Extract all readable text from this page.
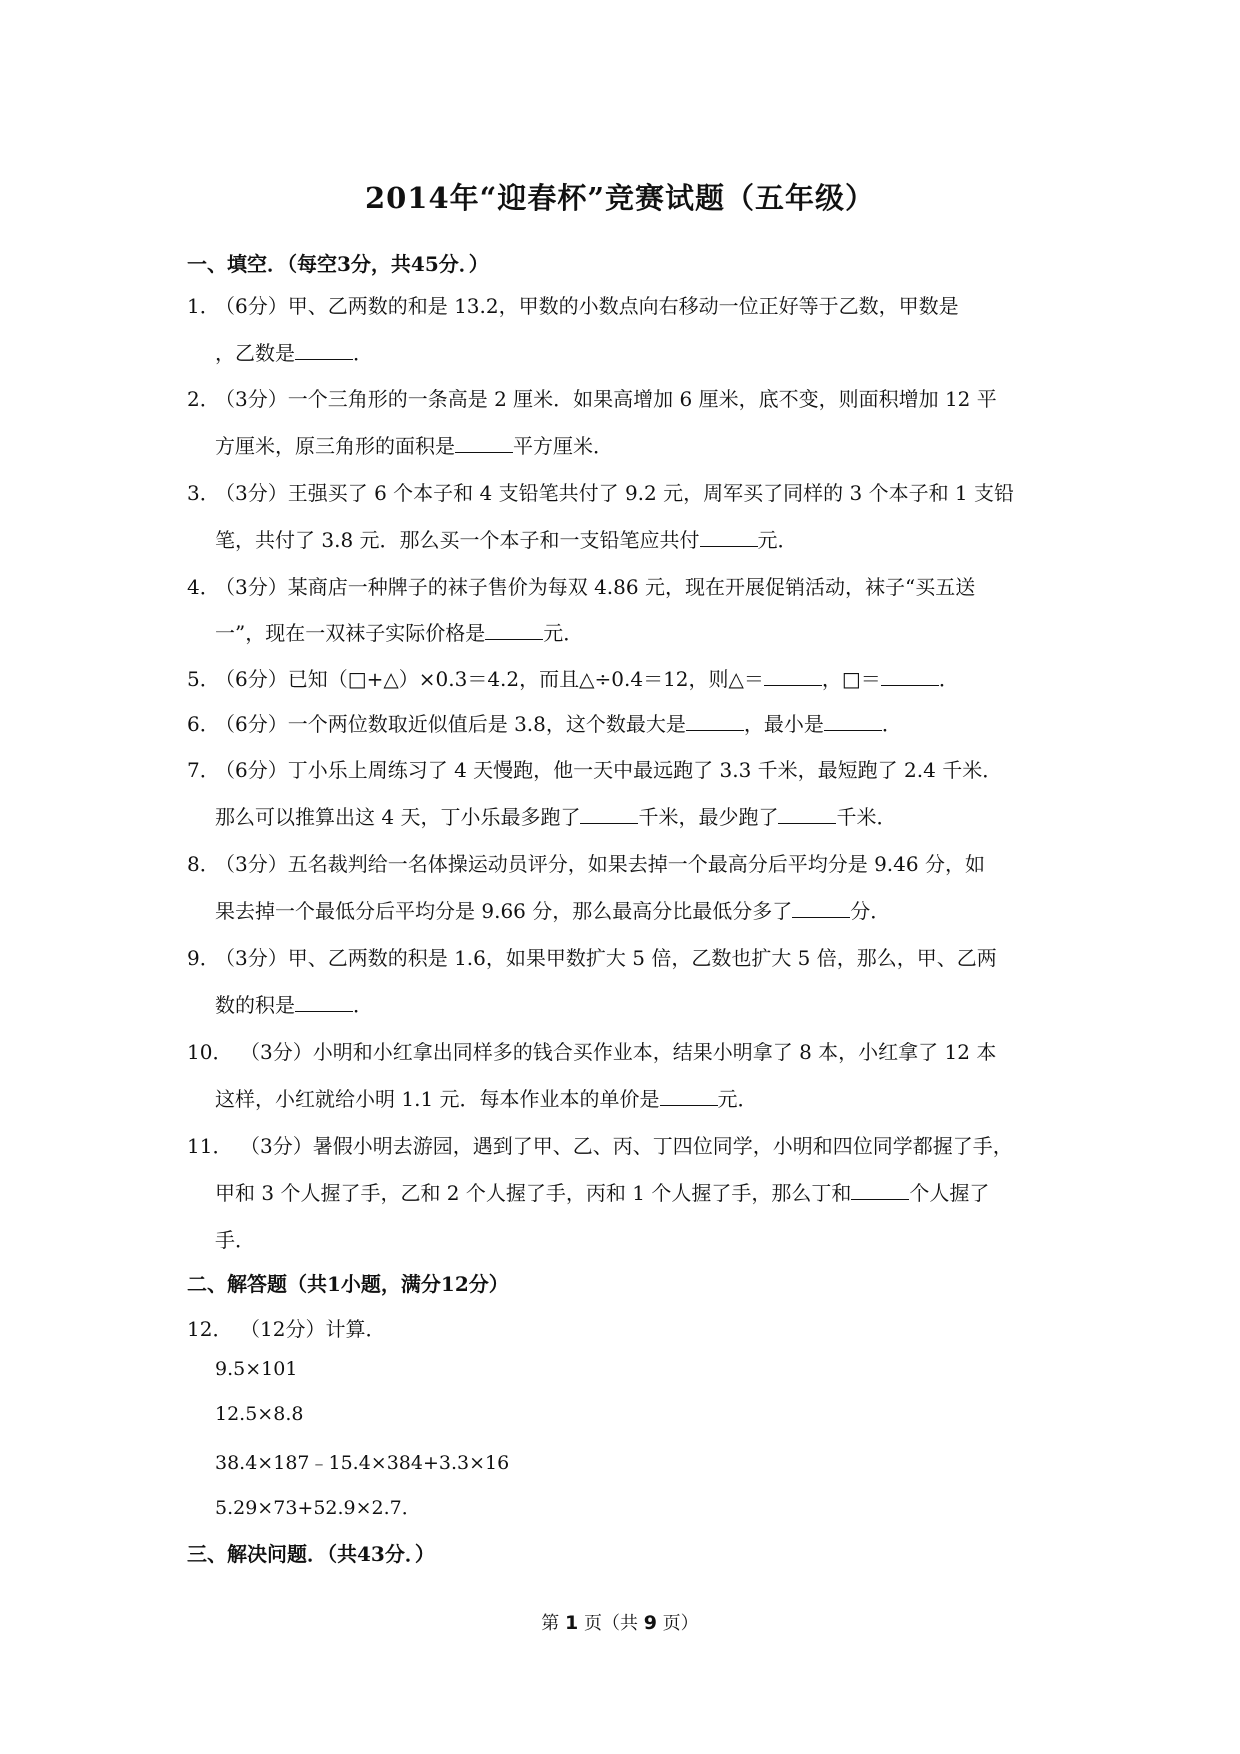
2014年“迎春杯”竞赛试题（五年级）
一、填空．（每空3分，共45分．）
1．
（6分）甲、乙两数的和是 13.2，甲数的小数点向右移动一位正好等于乙数，甲数是
，乙数是	．
2．
（3分）一个三角形的一条高是 2 厘米．如果高增加 6 厘米，底不变，则面积增加 12 平
方厘米，原三角形的面积是	平方厘米．
3．
（3分）王强买了 6 个本子和 4 支铅笔共付了 9.2 元，周军买了同样的 3 个本子和 1 支铅
笔，共付了 3.8 元．那么买一个本子和一支铅笔应共付	元．
4．
（3分）某商店一种牌子的袜子售价为每双 4.86 元，现在开展促销活动，袜子“买五送
一”，现在一双袜子实际价格是	元．
5．
（6分）已知（□+△）×0.3＝4.2，而且△÷0.4＝12，则△＝	，□＝	．
6．
（6分）一个两位数取近似值后是 3.8，这个数最大是	，最小是	．
7．
（6分）丁小乐上周练习了 4 天慢跑，他一天中最远跑了 3.3 千米，最短跑了 2.4 千米．
那么可以推算出这 4 天，丁小乐最多跑了	千米，最少跑了	千米．
8．
（3分）五名裁判给一名体操运动员评分，如果去掉一个最高分后平均分是 9.46 分，如
果去掉一个最低分后平均分是 9.66 分，那么最高分比最低分多了	分．
9．
（3分）甲、乙两数的积是 1.6，如果甲数扩大 5 倍，乙数也扩大 5 倍，那么，甲、乙两
数的积是	．
10． （3分）小明和小红拿出同样多的钱合买作业本，结果小明拿了 8 本，小红拿了 12 本
这样，小红就给小明 1.1 元．每本作业本的单价是	元．
11． （3分）暑假小明去游园，遇到了甲、乙、丙、丁四位同学，小明和四位同学都握了手，
甲和 3 个人握了手，乙和 2 个人握了手，丙和 1 个人握了手，那么丁和	个人握了
手．
二、解答题（共1小题，满分12分）
12． （12分）计算．
9.5×101
12.5×8.8
38.4×187﹣15.4×384+3.3×16
5.29×73+52.9×2.7．
三、解决问题．（共43分．）
第 1 页（共 9 页）
